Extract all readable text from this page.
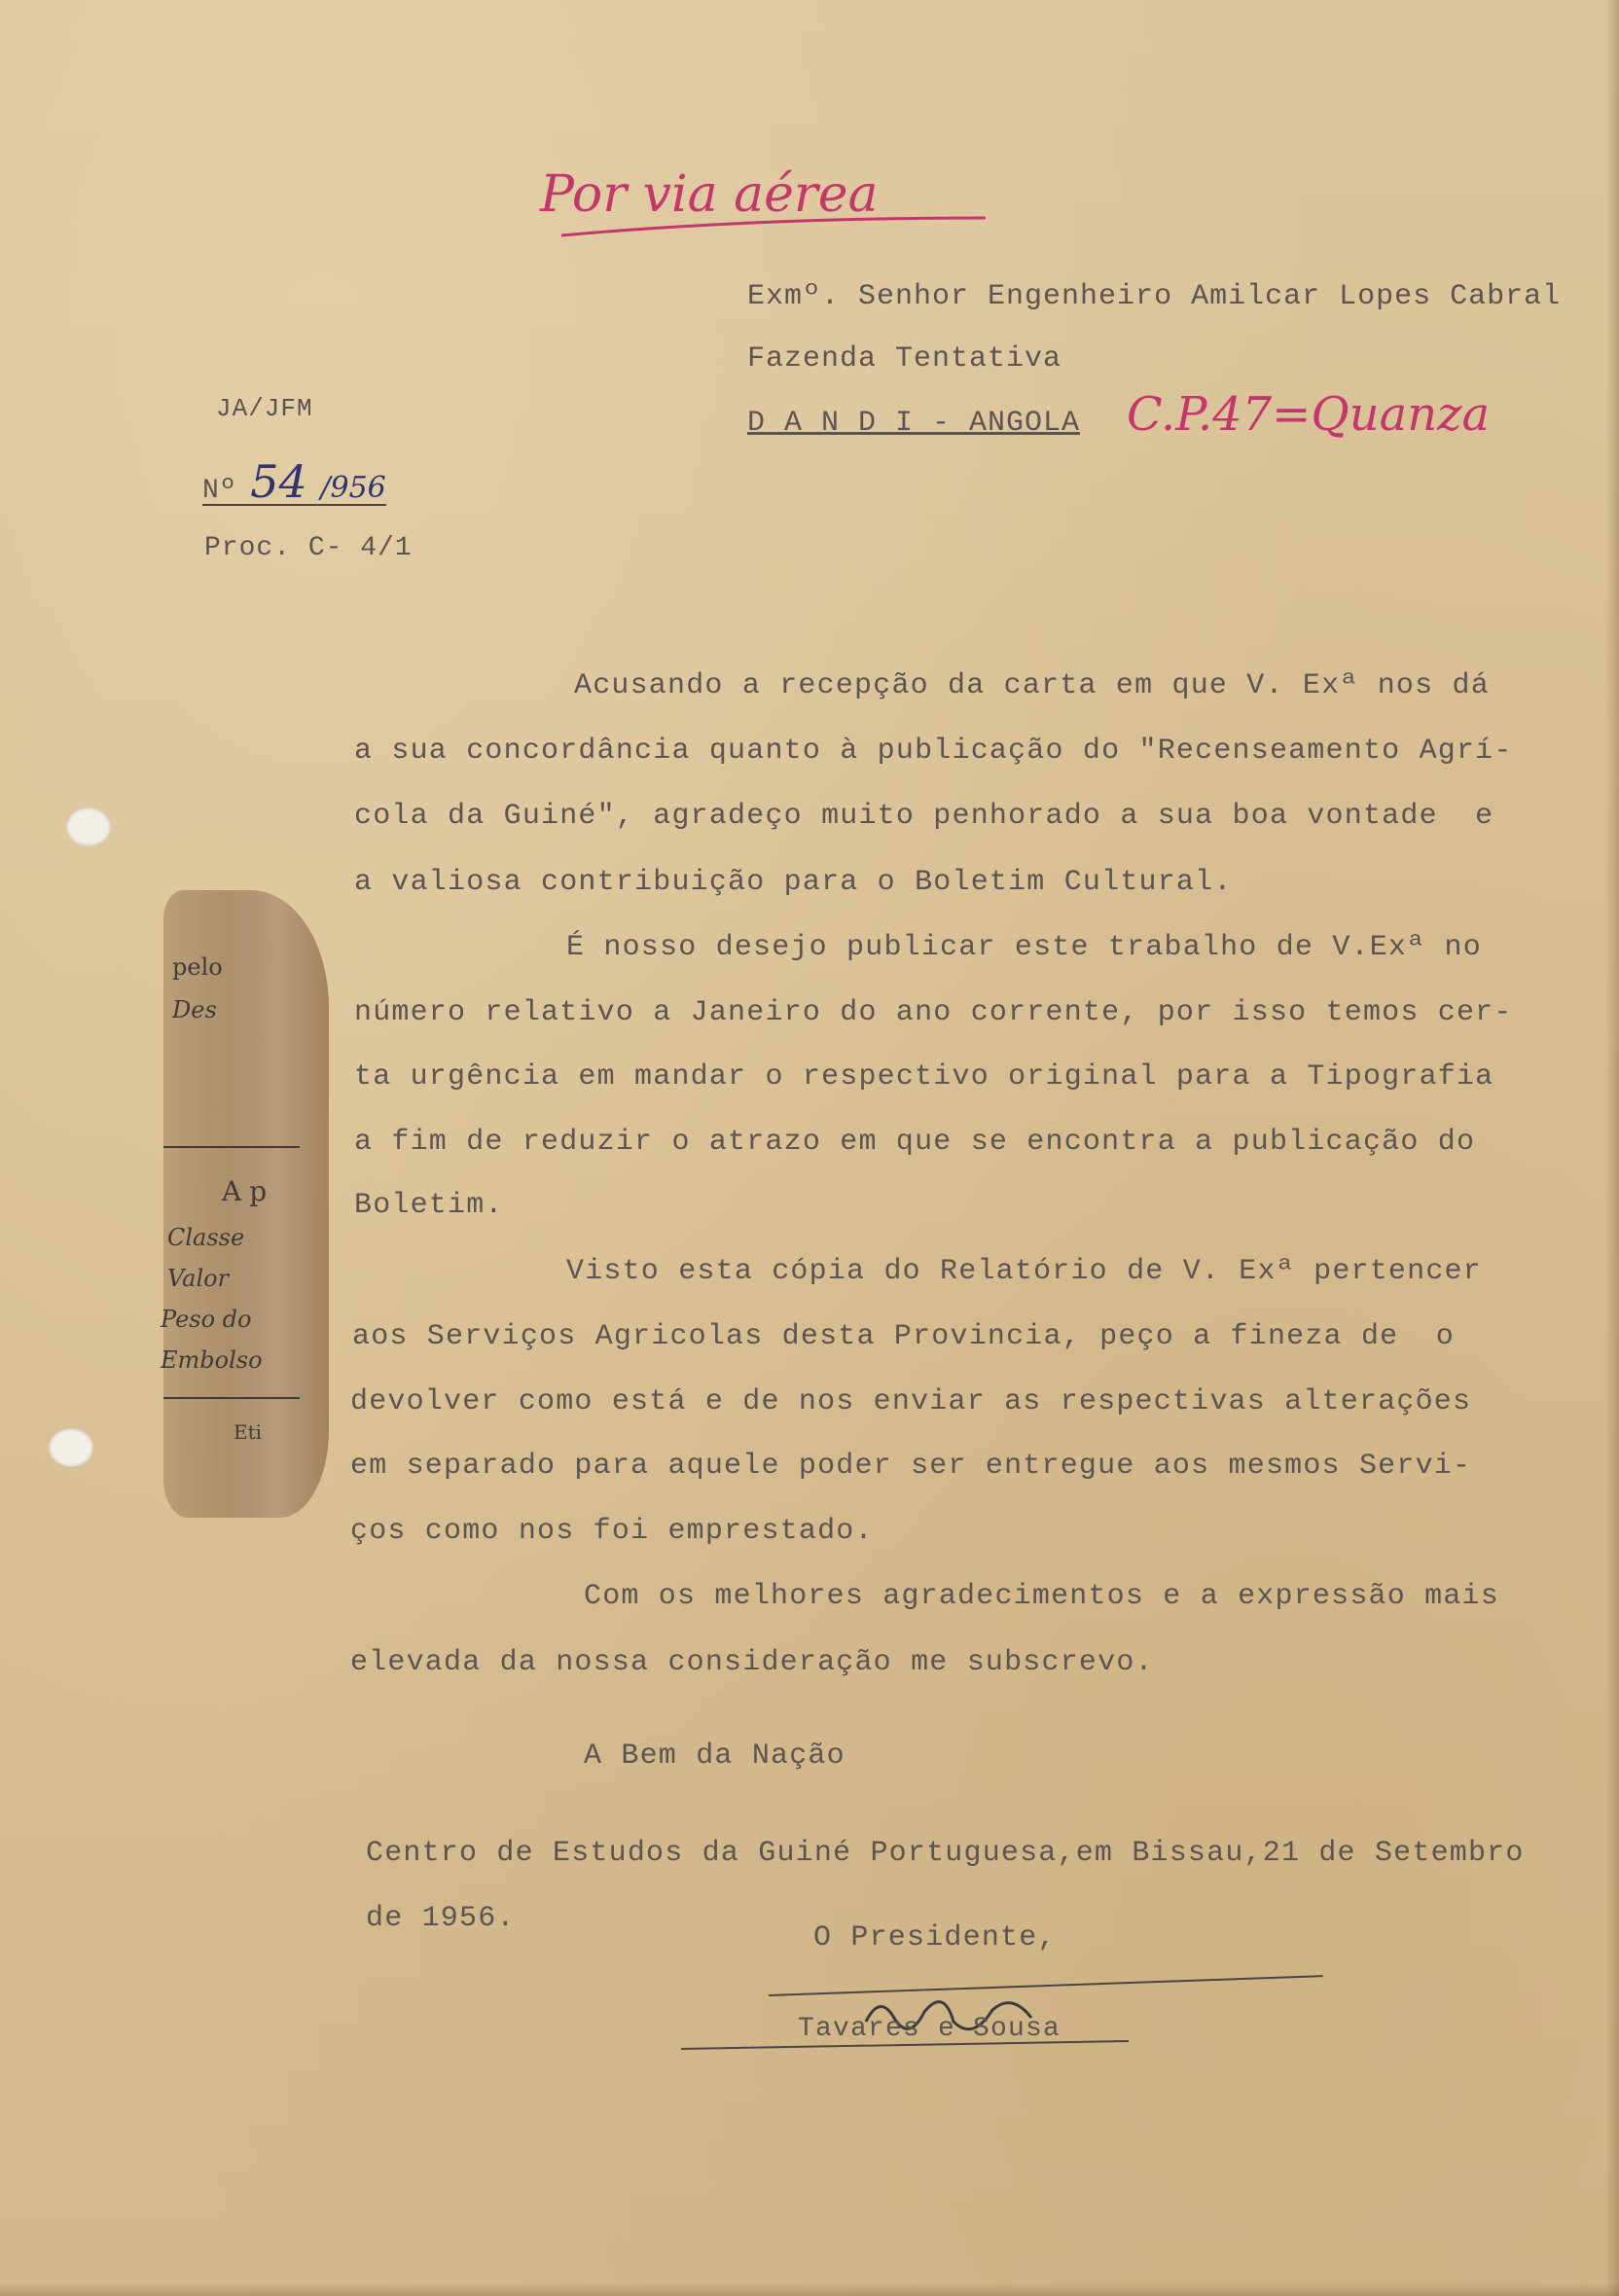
Por via aérea
Exmº. Senhor Engenheiro Amilcar Lopes Cabral
Fazenda Tentativa
D A N D I - ANGOLA C.P.47=Quanza
JA/JFM
Nº 54 /956
Proc. C- 4/1
pelo
Des
Ap
Classe
Valor
Peso do
Embolso
Eti
Acusando a recepção da carta em que V. Exª nos dá
a sua concordância quanto à publicação do "Recenseamento Agrí-
cola da Guiné", agradeço muito penhorado a sua boa vontade  e
a valiosa contribuição para o Boletim Cultural.
É nosso desejo publicar este trabalho de V.Exª no
número relativo a Janeiro do ano corrente, por isso temos cer-
ta urgência em mandar o respectivo original para a Tipografia
a fim de reduzir o atrazo em que se encontra a publicação do
Boletim.
Visto esta cópia do Relatório de V. Exª pertencer
aos Serviços Agricolas desta Provincia, peço a fineza de  o
devolver como está e de nos enviar as respectivas alterações
em separado para aquele poder ser entregue aos mesmos Servi-
ços como nos foi emprestado.
Com os melhores agradecimentos e a expressão mais
elevada da nossa consideração me subscrevo.
A Bem da Nação
Centro de Estudos da Guiné Portuguesa,em Bissau,21 de Setembro
de 1956.
O Presidente,
Tavares e Sousa
